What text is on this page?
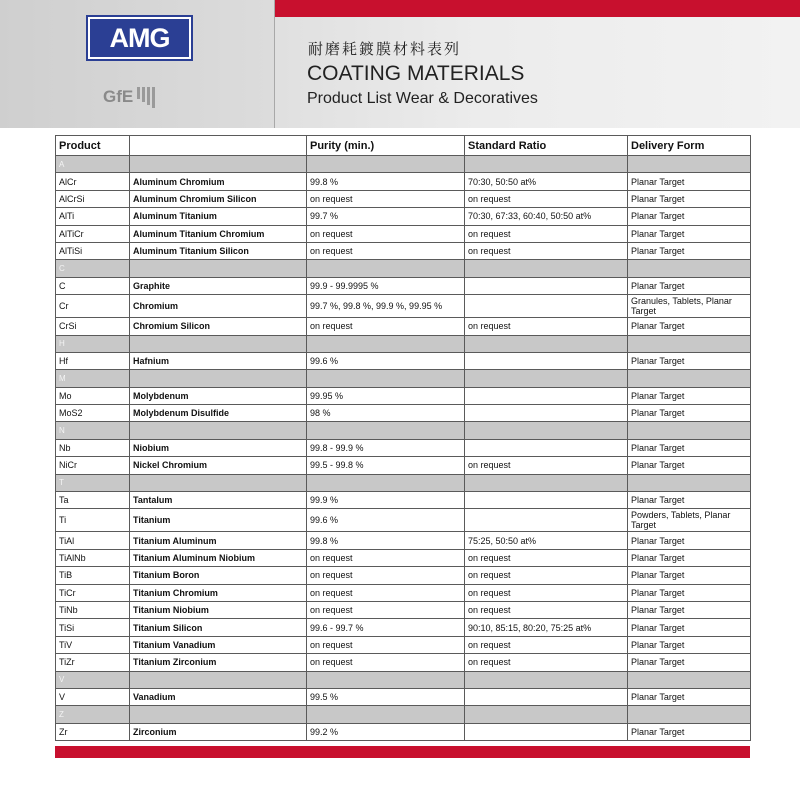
AMG
GfE
耐磨耗鍍膜材料表列
COATING MATERIALS
Product List Wear & Decoratives
Product		Purity (min.)	Standard Ratio	Delivery Form
A				
AlCr	Aluminum Chromium	99.8 %	70:30, 50:50 at%	Planar Target
AlCrSi	Aluminum Chromium Silicon	on request	on request	Planar Target
AlTi	Aluminum Titanium	99.7 %	70:30, 67:33, 60:40, 50:50 at%	Planar Target
AlTiCr	Aluminum Titanium Chromium	on request	on request	Planar Target
AlTiSi	Aluminum Titanium Silicon	on request	on request	Planar Target
C				
C	Graphite	99.9 - 99.9995 %		Planar Target
Cr	Chromium	99.7 %, 99.8 %, 99.9 %, 99.95 %		Granules, Tablets, Planar Target
CrSi	Chromium Silicon	on request	on request	Planar Target
H				
Hf	Hafnium	99.6 %		Planar Target
M				
Mo	Molybdenum	99.95 %		Planar Target
MoS2	Molybdenum Disulfide	98 %		Planar Target
N				
Nb	Niobium	99.8 - 99.9 %		Planar Target
NiCr	Nickel Chromium	99.5 - 99.8 %	on request	Planar Target
T				
Ta	Tantalum	99.9 %		Planar Target
Ti	Titanium	99.6 %		Powders, Tablets, Planar Target
TiAl	Titanium Aluminum	99.8 %	75:25, 50:50 at%	Planar Target
TiAlNb	Titanium Aluminum Niobium	on request	on request	Planar Target
TiB	Titanium Boron	on request	on request	Planar Target
TiCr	Titanium Chromium	on request	on request	Planar Target
TiNb	Titanium Niobium	on request	on request	Planar Target
TiSi	Titanium Silicon	99.6 - 99.7 %	90:10, 85:15, 80:20, 75:25 at%	Planar Target
TiV	Titanium Vanadium	on request	on request	Planar Target
TiZr	Titanium Zirconium	on request	on request	Planar Target
V				
V	Vanadium	99.5 %		Planar Target
Z				
Zr	Zirconium	99.2 %		Planar Target
